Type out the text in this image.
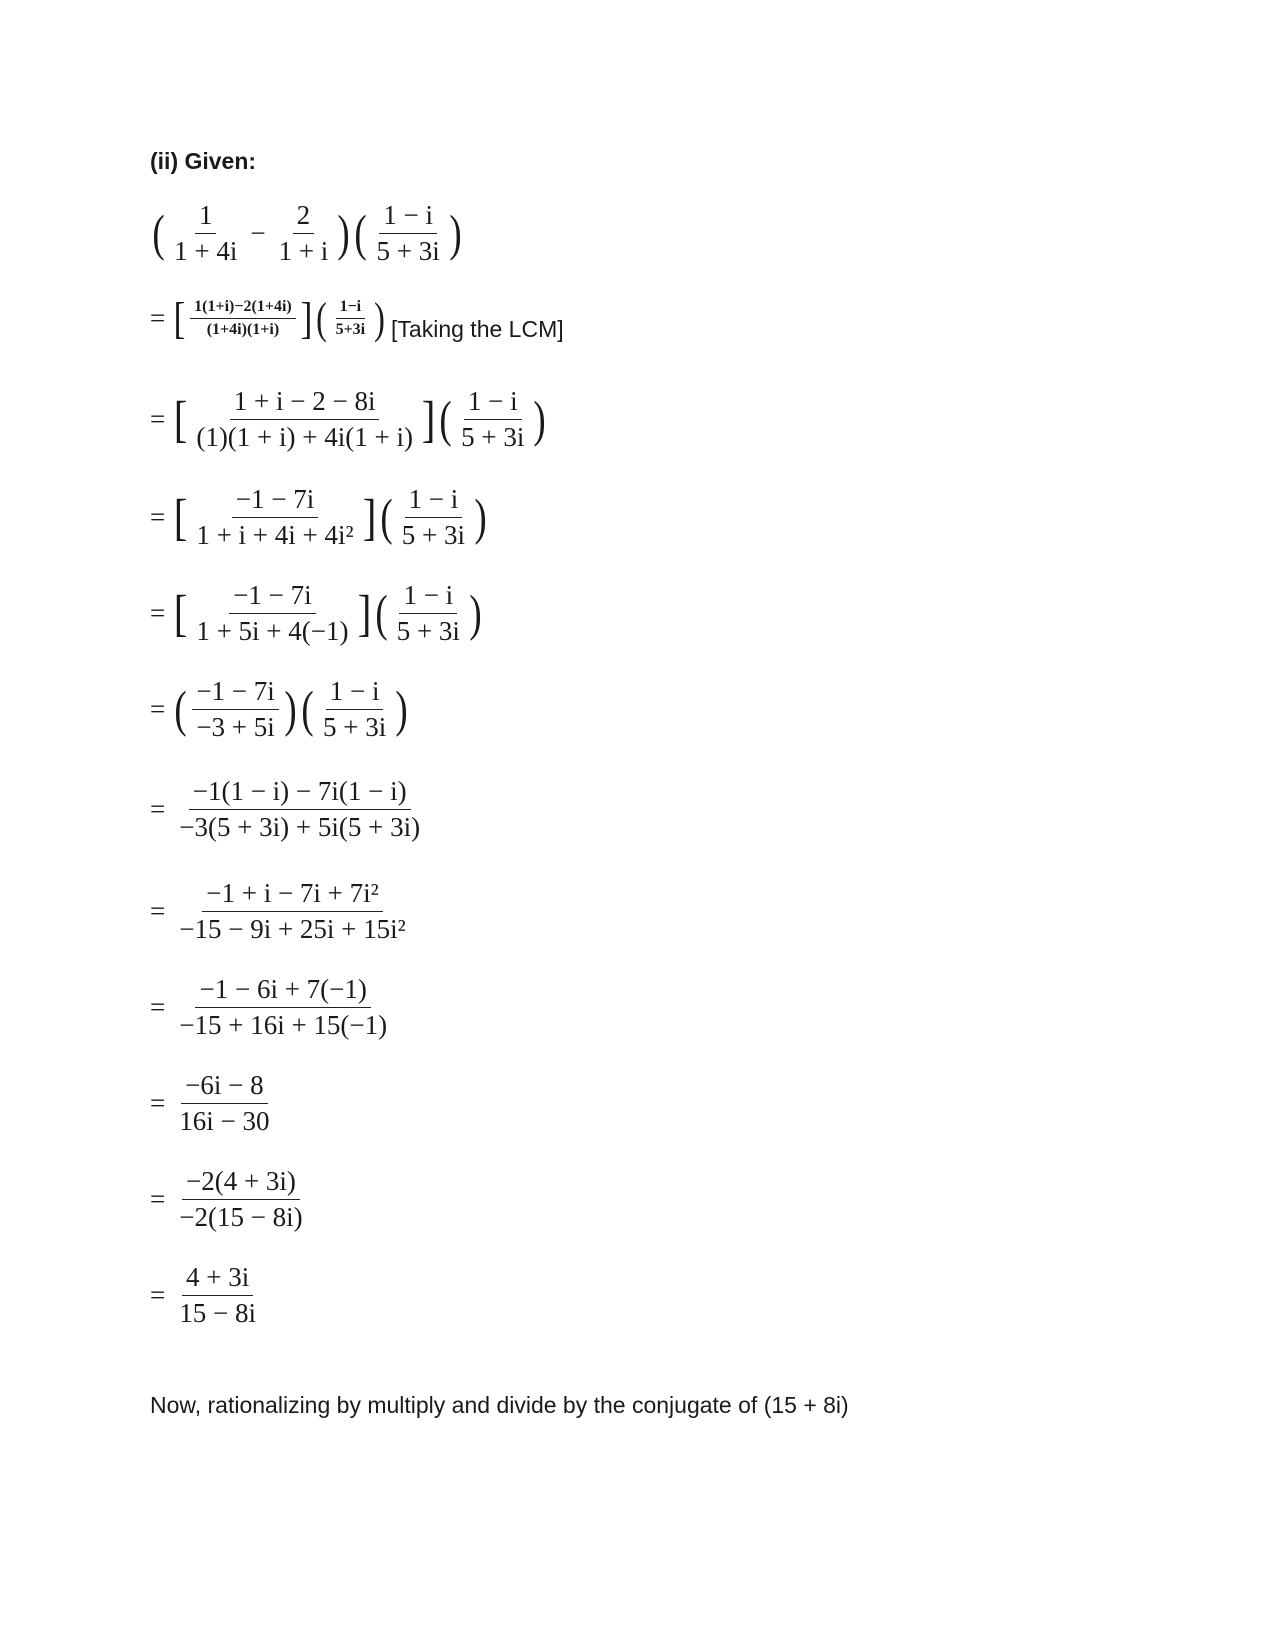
(ii) Given:
( $\frac{1}{1 + 4i} - \frac{2}{1 + i}$ ) ( $\frac{1 - i}{5 + 3i}$ )
= [ $\frac{1(1+i)-2(1+4i)}{(1+4i)(1+i)}$ ] ( $\frac{1-i}{5+3i}$ ) [Taking the LCM]
= [ $\frac{1 + i - 2 - 8i}{(1)(1 + i) + 4i(1 + i)}$ ] ( $\frac{1 - i}{5 + 3i}$ )
= [ $\frac{-1 - 7i}{\text{1 + i + 4i + 4i²}}$ ] ( $\frac{1 - i}{5 + 3i}$ )
= [ $\frac{-1 - 7i}{1 + 5i + 4(-1)}$ ] ( $\frac{1 - i}{5 + 3i}$ )
= ( $\frac{-1 - 7i}{-3 + 5i}$ ) ( $\frac{1 - i}{5 + 3i}$ )
= $\frac{-1(1 - i) - 7i(1 - i)}{-3(5 + 3i) + 5i(5 + 3i)}$
= $\frac{\text{−1 + i − 7i + 7i²}}{\text{−15 − 9i + 25i + 15i²}}$
= $\frac{-1 - 6i + 7(-1)}{-15 + 16i + 15(-1)}$
= $\frac{-6i - 8}{16i - 30}$
= $\frac{-2(4 + 3i)}{-2(15 - 8i)}$
= $\frac{4 + 3i}{15 - 8i}$
Now, rationalizing by multiply and divide by the conjugate of (15 + 8i)
